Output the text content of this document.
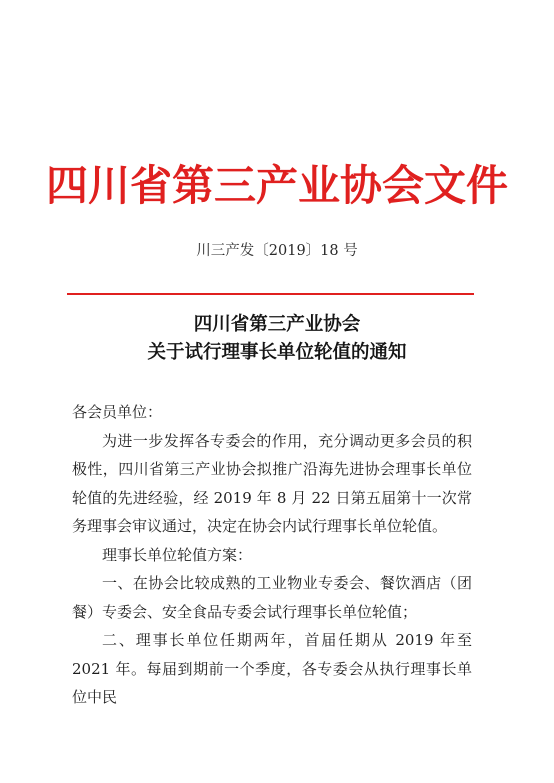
四川省第三产业协会文件
川三产发〔2019〕18 号
四川省第三产业协会
关于试行理事长单位轮值的通知

各会员单位：

为进一步发挥各专委会的作用，充分调动更多会员的积极性，四川省第三产业协会拟推广沿海先进协会理事长单位轮值的先进经验，经 2019 年 8 月 22 日第五届第十一次常务理事会审议通过，决定在协会内试行理事长单位轮值。

理事长单位轮值方案：

一、在协会比较成熟的工业物业专委会、餐饮酒店（团餐）专委会、安全食品专委会试行理事长单位轮值；

二、理事长单位任期两年，首届任期从 2019 年至 2021 年。每届到期前一个季度，各专委会从执行理事长单位中民
